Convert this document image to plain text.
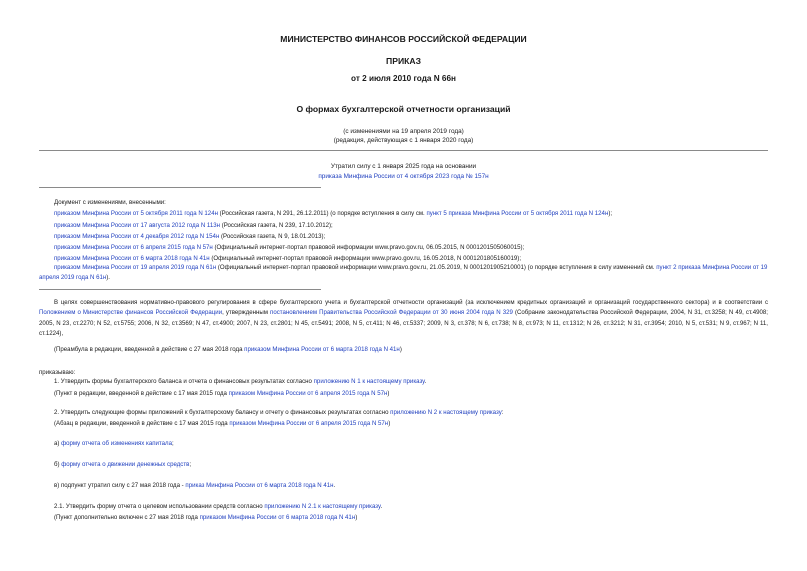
МИНИСТЕРСТВО ФИНАНСОВ РОССИЙСКОЙ ФЕДЕРАЦИИ
ПРИКАЗ
от 2 июля 2010 года N 66н
О формах бухгалтерской отчетности организаций
(с изменениями на 19 апреля 2019 года)
(редакция, действующая с 1 января 2020 года)
Утратил силу с 1 января 2025 года на основании
приказа Минфина России от 4 октября 2023 года № 157н
Документ с изменениями, внесенными:
приказом Минфина России от 5 октября 2011 года N 124н (Российская газета, N 291, 26.12.2011) (о порядке вступления в силу см. пункт 5 приказа Минфина России от 5 октября 2011 года N 124н);
приказом Минфина России от 17 августа 2012 года N 113н (Российская газета, N 239, 17.10.2012);
приказом Минфина России от 4 декабря 2012 года N 154н (Российская газета, N 9, 18.01.2013);
приказом Минфина России от 6 апреля 2015 года N 57н (Официальный интернет-портал правовой информации www.pravo.gov.ru, 06.05.2015, N 0001201505060015);
приказом Минфина России от 6 марта 2018 года N 41н (Официальный интернет-портал правовой информации www.pravo.gov.ru, 16.05.2018, N 0001201805160019);
приказом Минфина России от 19 апреля 2019 года N 61н (Официальный интернет-портал правовой информации www.pravo.gov.ru, 21.05.2019, N 0001201905210001) (о порядке вступления в силу изменений см. пункт 2 приказа Минфина России от 19 апреля 2019 года N 61н).
В целях совершенствования нормативно-правового регулирования в сфере бухгалтерского учета и бухгалтерской отчетности организаций (за исключением кредитных организаций и организаций государственного сектора) и в соответствии с Положением о Министерстве финансов Российской Федерации, утвержденным постановлением Правительства Российской Федерации от 30 июня 2004 года N 329 (Собрание законодательства Российской Федерации, 2004, N 31, ст.3258; N 49, ст.4908; 2005, N 23, ст.2270; N 52, ст.5755; 2006, N 32, ст.3569; N 47, ст.4900; 2007, N 23, ст.2801; N 45, ст.5491; 2008, N 5, ст.411; N 46, ст.5337; 2009, N 3, ст.378; N 6, ст.738; N 8, ст.973; N 11, ст.1312; N 26, ст.3212; N 31, ст.3954; 2010, N 5, ст.531; N 9, ст.967; N 11, ст.1224),
(Преамбула в редакции, введенной в действие с 27 мая 2018 года приказом Минфина России от 6 марта 2018 года N 41н)
приказываю:
1. Утвердить формы бухгалтерского баланса и отчета о финансовых результатах согласно приложению N 1 к настоящему приказу.
(Пункт в редакции, введенной в действие с 17 мая 2015 года приказом Минфина России от 6 апреля 2015 года N 57н)
2. Утвердить следующие формы приложений к бухгалтерскому балансу и отчету о финансовых результатах согласно приложению N 2 к настоящему приказу:
(Абзац в редакции, введенной в действие с 17 мая 2015 года приказом Минфина России от 6 апреля 2015 года N 57н)
а) форму отчета об изменениях капитала;
б) форму отчета о движении денежных средств;
в) подпункт утратил силу с 27 мая 2018 года - приказ Минфина России от 6 марта 2018 года N 41н.
2.1. Утвердить форму отчета о целевом использовании средств согласно приложению N 2.1 к настоящему приказу.
(Пункт дополнительно включен с 27 мая 2018 года приказом Минфина России от 6 марта 2018 года N 41н)
